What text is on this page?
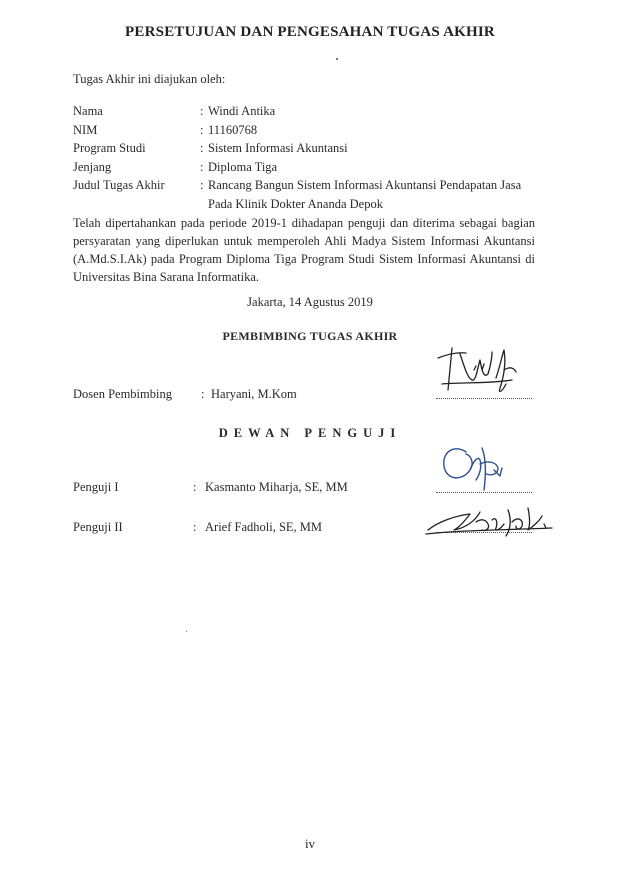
PERSETUJUAN DAN PENGESAHAN TUGAS AKHIR
Tugas Akhir ini diajukan oleh:
Nama	: Windi Antika
NIM	: 11160768
Program Studi	: Sistem Informasi Akuntansi
Jenjang	: Diploma Tiga
Judul Tugas Akhir	: Rancang Bangun Sistem Informasi Akuntansi Pendapatan Jasa Pada Klinik Dokter Ananda Depok
Telah dipertahankan pada periode 2019-1 dihadapan penguji dan diterima sebagai bagian persyaratan yang diperlukan untuk memperoleh Ahli Madya Sistem Informasi Akuntansi (A.Md.S.I.Ak) pada Program Diploma Tiga Program Studi Sistem Informasi Akuntansi di Universitas Bina Sarana Informatika.
Jakarta, 14 Agustus 2019
PEMBIMBING TUGAS AKHIR
Dosen Pembimbing	: Haryani, M.Kom
DEWAN PENGUJI
Penguji I	: Kasmanto Miharja, SE, MM
Penguji II	: Arief Fadholi, SE, MM
iv
